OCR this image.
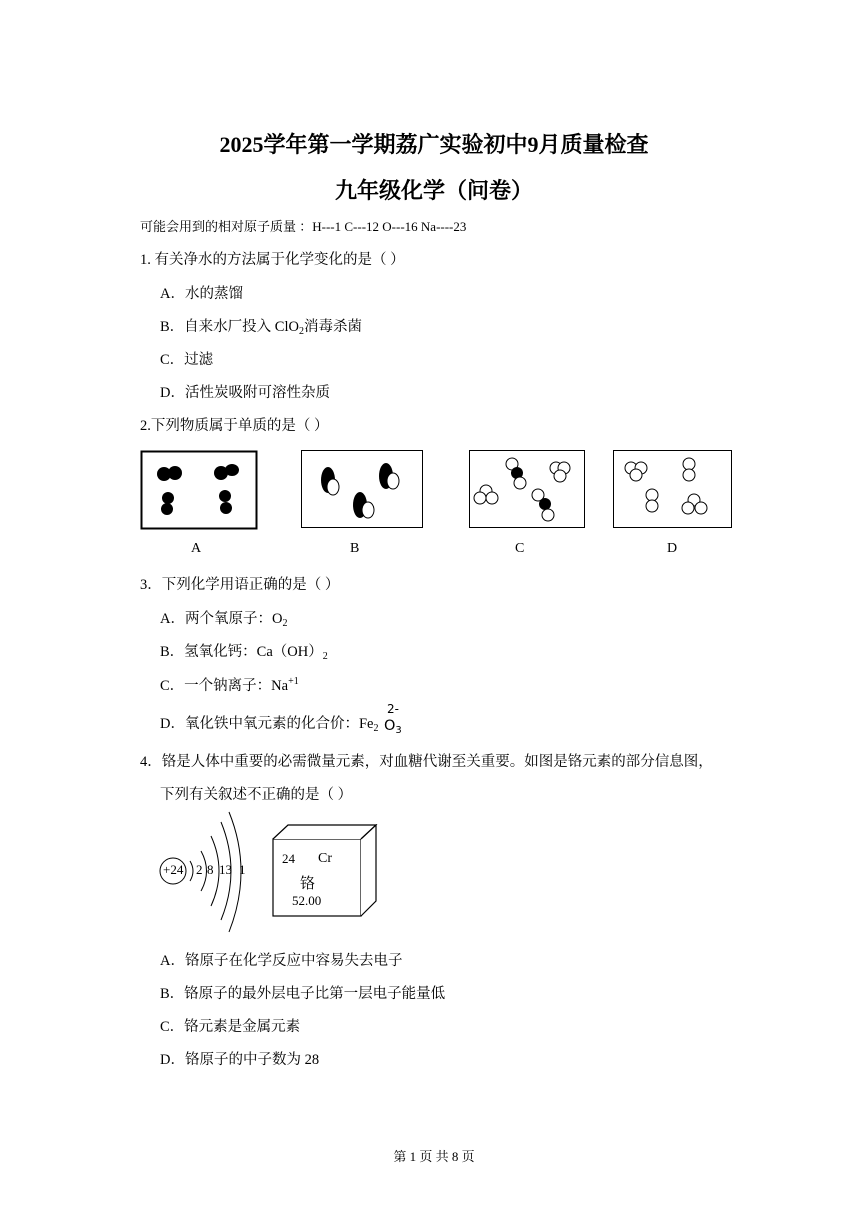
2025学年第一学期荔广实验初中9月质量检查
九年级化学（问卷）
可能会用到的相对原子质量 ：H---1 C---12 O---16 Na----23
1. 有关净水的方法属于化学变化的是（ ）
A．水的蒸馏
B．自来水厂投入 ClO$_2$消毒杀菌
C．过滤
D．活性炭吸附可溶性杂质
2.下列物质属于单质的是（ ）
A	B	C	D
3．下列化学用语正确的是（ ）
A．两个氧原子：$O_2$
B．氢氧化钙：$Ca(OH)_2$
C．一个钠离子：$Na^{+1}$
D．氧化铁中氧元素的化合价：$Fe_2$
2-
$O_3$
4．铬是人体中重要的必需微量元素，对血糖代谢至关重要。如图是铬元素的部分信息图，
下列有关叙述不正确的是（ ）
+24 2 8 13 1
24 Cr
铬
52.00
A．铬原子在化学反应中容易失去电子
B．铬原子的最外层电子比第一层电子能量低
C．铬元素是金属元素
D．铬原子的中子数为 28
第 1 页 共 8 页
